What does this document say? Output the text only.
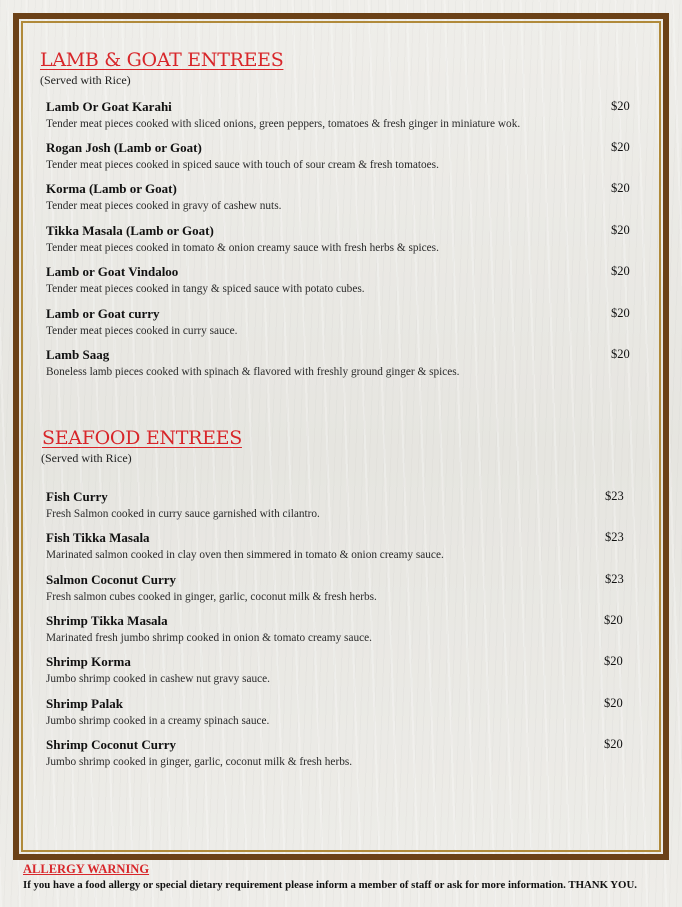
LAMB & GOAT ENTREES
(Served with Rice)
Lamb Or Goat Karahi	$20
Tender meat pieces cooked with sliced onions, green peppers, tomatoes & fresh ginger in miniature wok.
Rogan Josh (Lamb or Goat)	$20
Tender meat pieces cooked in spiced sauce with touch of sour cream & fresh tomatoes.
Korma (Lamb or Goat)	$20
Tender meat pieces cooked in gravy of cashew nuts.
Tikka Masala (Lamb or Goat)	$20
Tender meat pieces cooked in tomato & onion creamy sauce with fresh herbs & spices.
Lamb or Goat Vindaloo	$20
Tender meat pieces cooked in tangy & spiced sauce with potato cubes.
Lamb or Goat curry	$20
Tender meat pieces cooked in curry sauce.
Lamb Saag	$20
Boneless lamb pieces cooked with spinach & flavored with freshly ground ginger & spices.
SEAFOOD ENTREES
(Served with Rice)
Fish Curry	$23
Fresh Salmon cooked in curry sauce garnished with cilantro.
Fish Tikka Masala	$23
Marinated salmon cooked in clay oven then simmered in tomato & onion creamy sauce.
Salmon Coconut Curry	$23
Fresh salmon cubes cooked in ginger, garlic, coconut milk & fresh herbs.
Shrimp Tikka Masala	$20
Marinated fresh jumbo shrimp cooked in onion & tomato creamy sauce.
Shrimp Korma	$20
Jumbo shrimp cooked in cashew nut gravy sauce.
Shrimp Palak	$20
Jumbo shrimp cooked in a creamy spinach sauce.
Shrimp Coconut Curry	$20
Jumbo shrimp cooked in ginger, garlic, coconut milk & fresh herbs.
ALLERGY WARNING
If you have a food allergy or special dietary requirement please inform a member of staff or ask for more information. THANK YOU.
